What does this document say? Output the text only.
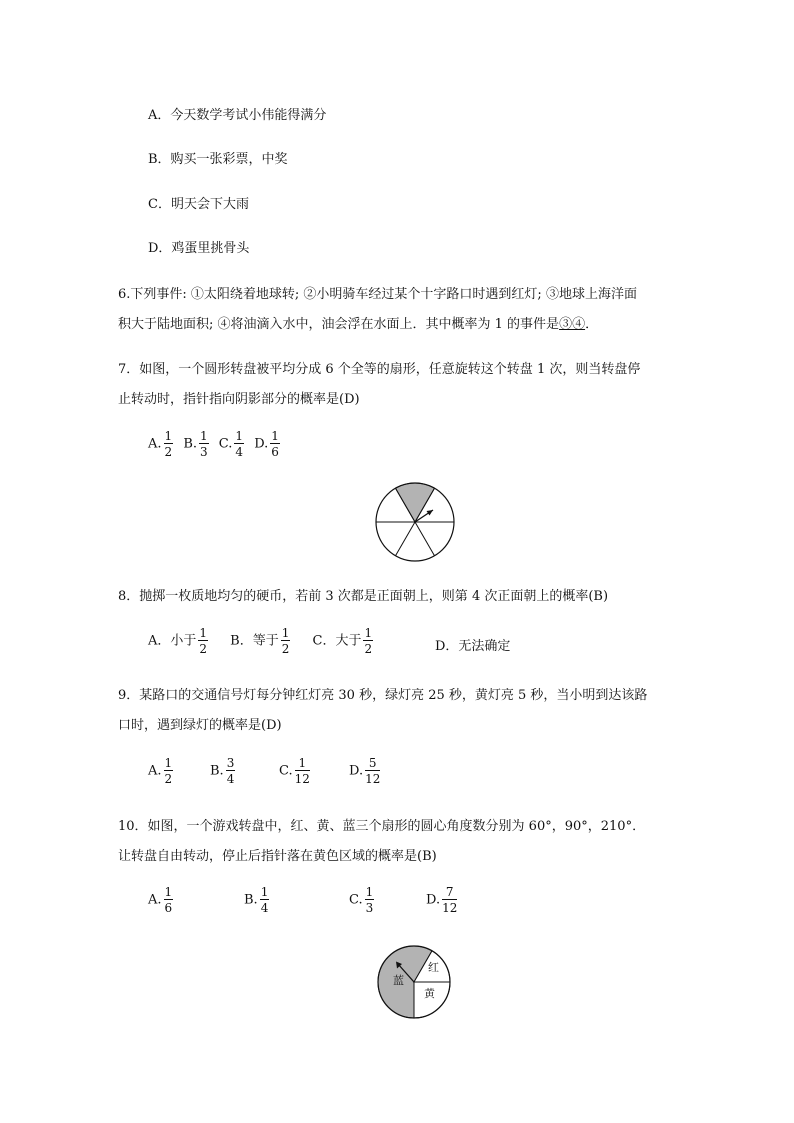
A．今天数学考试小伟能得满分
B．购买一张彩票，中奖
C．明天会下大雨
D．鸡蛋里挑骨头
6.下列事件: ①太阳绕着地球转; ②小明骑车经过某个十字路口时遇到红灯; ③地球上海洋面
积大于陆地面积; ④将油滴入水中，油会浮在水面上．其中概率为 1 的事件是③④．
7．如图，一个圆形转盘被平均分成 6 个全等的扇形，任意旋转这个转盘 1 次，则当转盘停
止转动时，指针指向阴影部分的概率是(D)
A. $\frac{1}{2} B$. $\frac{1}{3} C$. $\frac{1}{4} D$. $\frac{1}{6}$
8．抛掷一枚质地均匀的硬币，若前 3 次都是正面朝上，则第 4 次正面朝上的概率(B)
A．小于 $\frac{1}{2}$ B．等于 $\frac{1}{2}$ C．大于 $\frac{1}{2}$	D．无法确定
9．某路口的交通信号灯每分钟红灯亮 30 秒，绿灯亮 25 秒，黄灯亮 5 秒，当小明到达该路
口时，遇到绿灯的概率是(D)
A. $\frac{1}{2}$	B. $\frac{3}{4}$	C. $\frac{1}{12}$	D. $\frac{5}{12}$
10．如图，一个游戏转盘中，红、黄、蓝三个扇形的圆心角度数分别为 60°，90°，210°．
让转盘自由转动，停止后指针落在黄色区域的概率是(B)
A. $\frac{1}{6}$	B. $\frac{1}{4}$	C. $\frac{1}{3}$	D. $\frac{7}{12}$
蓝
红
黄
